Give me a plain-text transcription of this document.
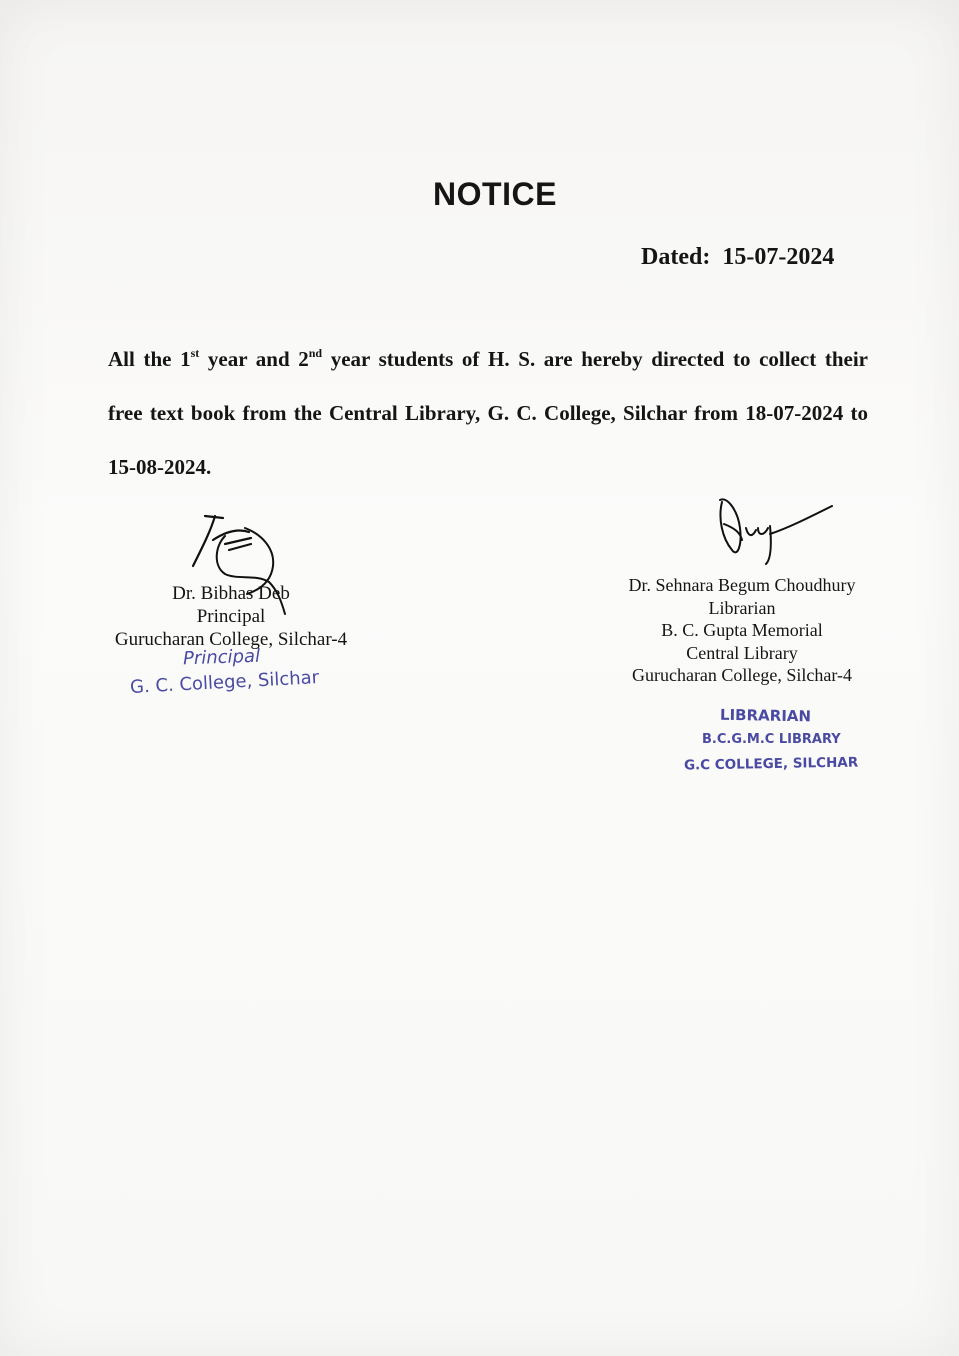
NOTICE
Dated: 15-07-2024
All the 1st year and 2nd year students of H. S. are hereby directed to collect their free text book from the Central Library, G. C. College, Silchar from 18-07-2024 to 15-08-2024.
Dr. Bibhas Deb
Principal
Gurucharan College, Silchar-4
Principal
G. C. College, Silchar
Dr. Sehnara Begum Choudhury
Librarian
B. C. Gupta Memorial
Central Library
Gurucharan College, Silchar-4
LIBRARIAN
B.C.G.M.C LIBRARY
G.C COLLEGE, SILCHAR
